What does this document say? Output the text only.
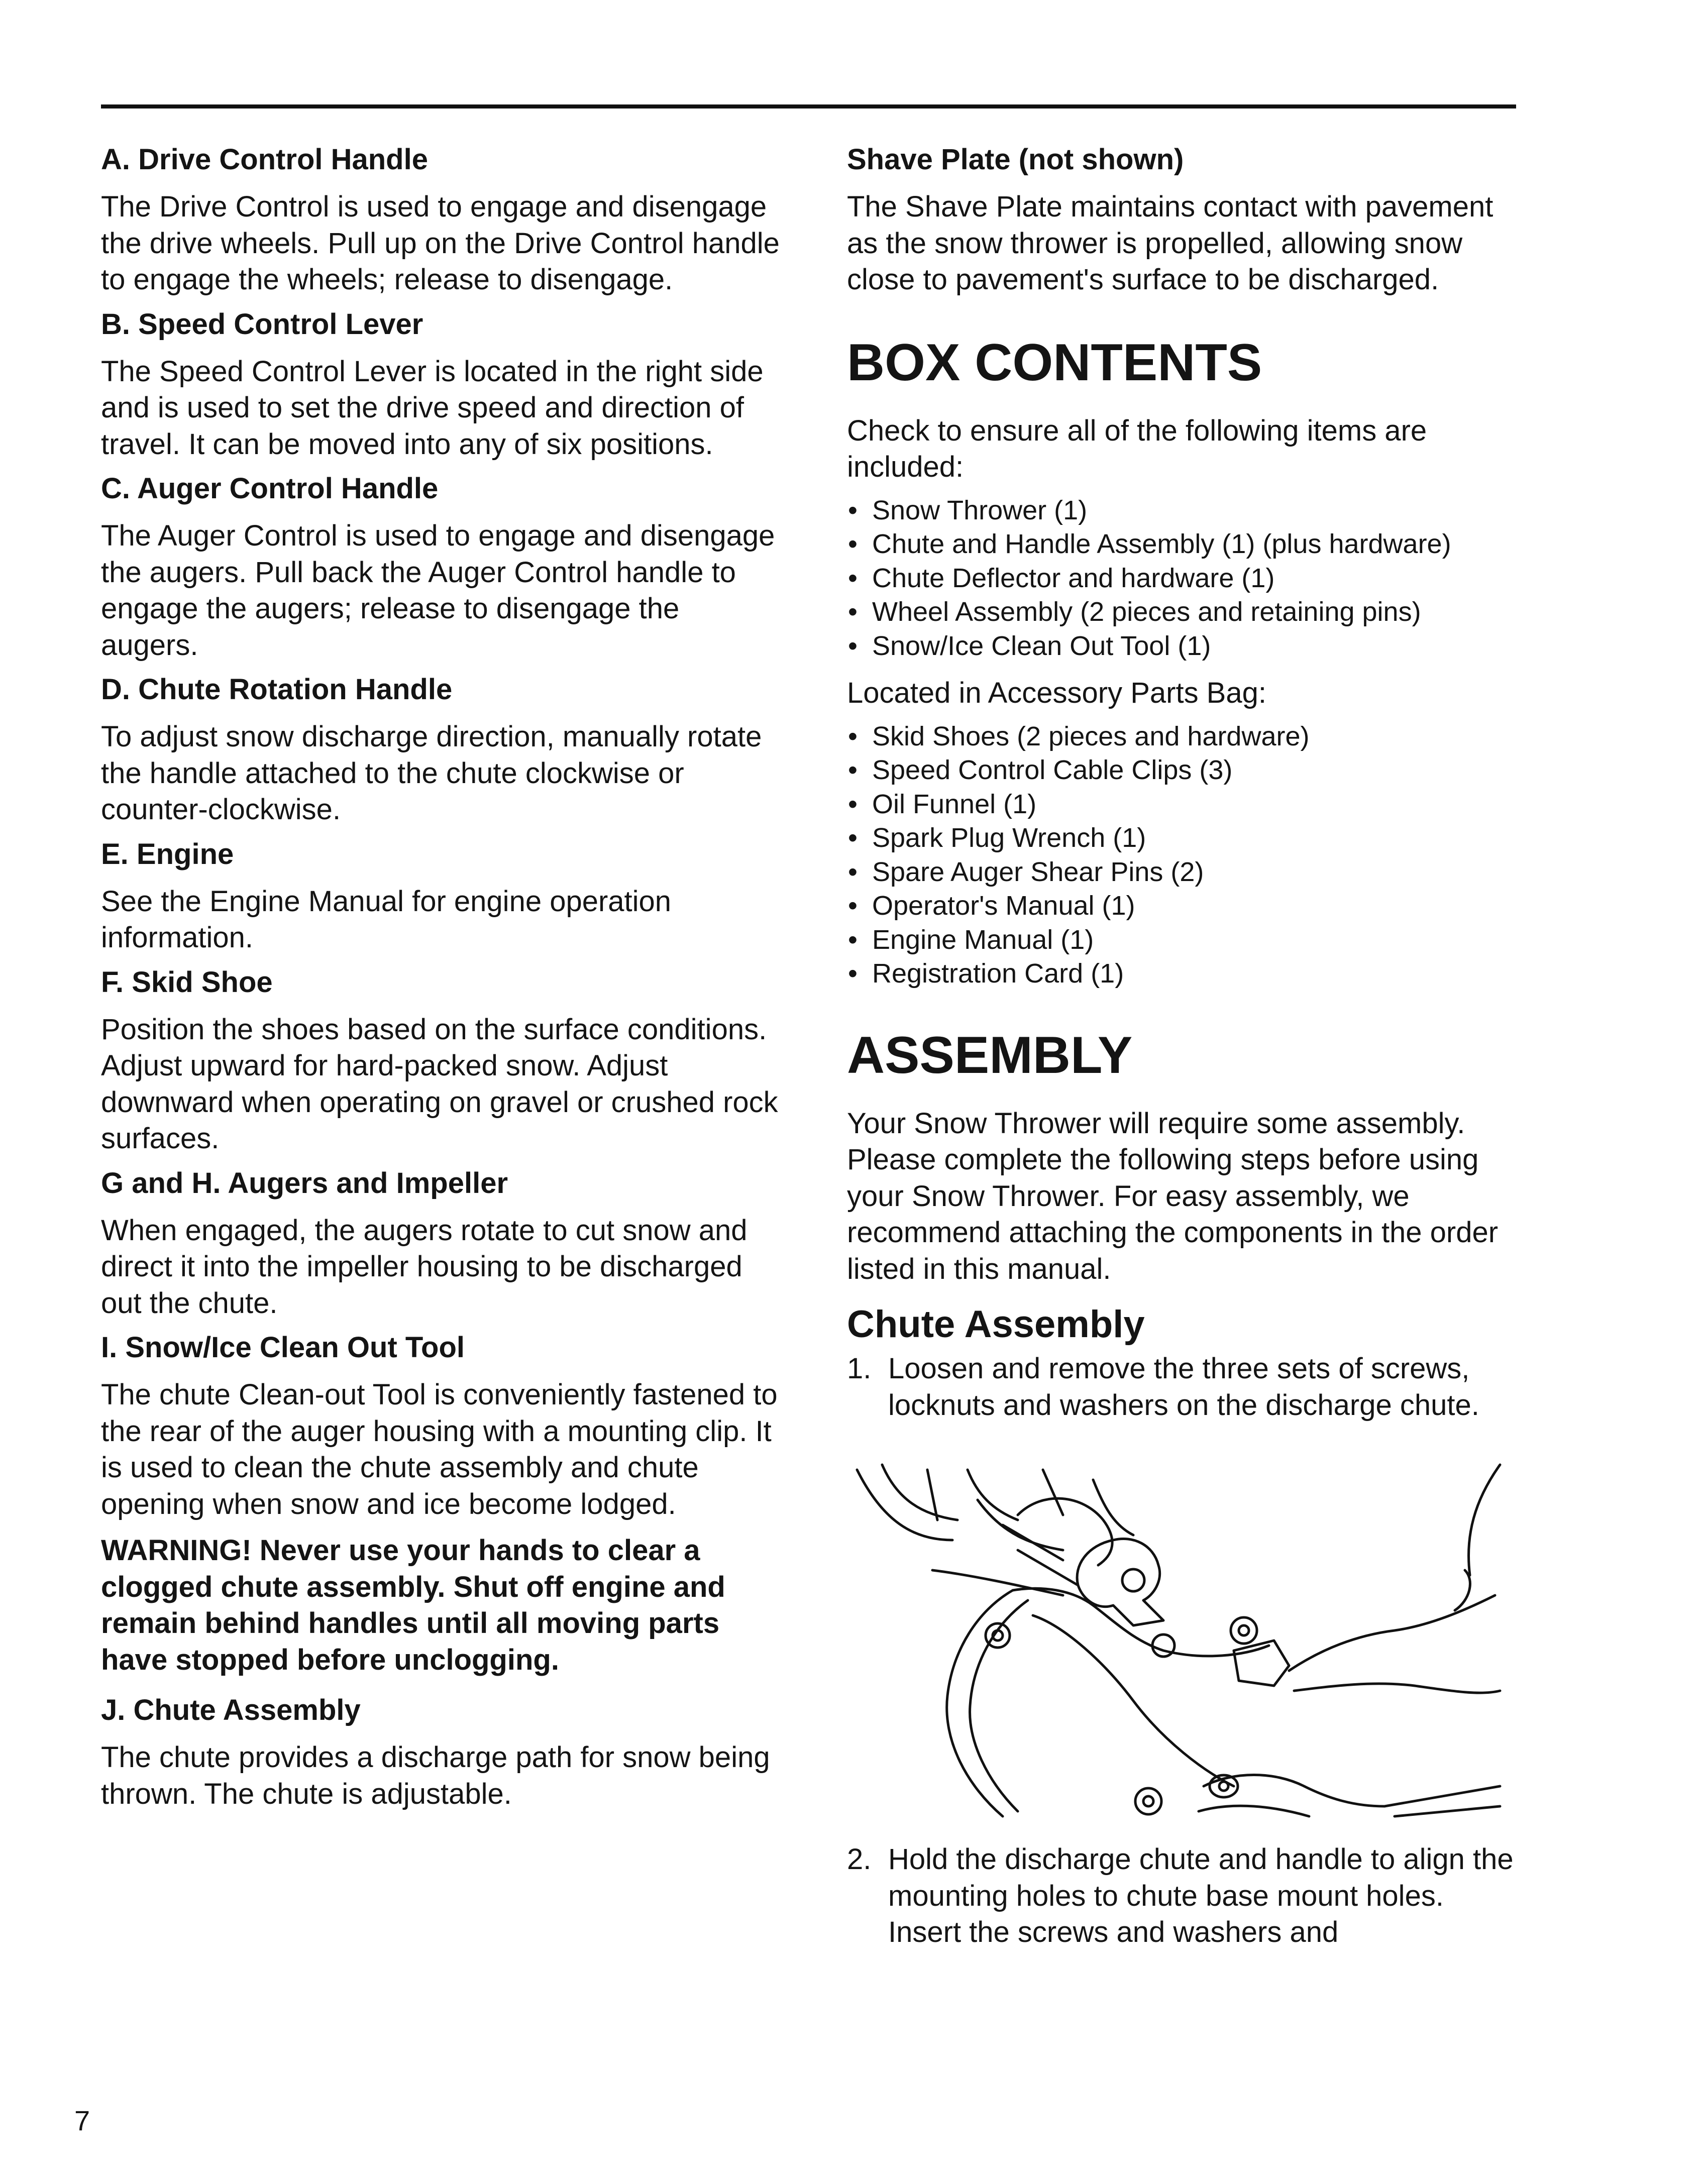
A. Drive Control Handle
The Drive Control is used to engage and disengage the drive wheels. Pull up on the Drive Control handle to engage the wheels; release to disengage.
B. Speed Control Lever
The Speed Control Lever is located in the right side and is used to set the drive speed and direction of travel. It can be moved into any of six positions.
C. Auger Control Handle
The Auger Control is used to engage and disengage the augers. Pull back the Auger Control handle to engage the augers; release to disengage the augers.
D. Chute Rotation Handle
To adjust snow discharge direction, manually rotate the handle attached to the chute clockwise or counter-clockwise.
E. Engine
See the Engine Manual for engine operation information.
F. Skid Shoe
Position the shoes based on the surface conditions. Adjust upward for hard-packed snow. Adjust downward when operating on gravel or crushed rock surfaces.
G and H. Augers and Impeller
When engaged, the augers rotate to cut snow and direct it into the impeller housing to be discharged out the chute.
I. Snow/Ice Clean Out Tool
The chute Clean-out Tool is conveniently fastened to the rear of the auger housing with a mounting clip. It is used to clean the chute assembly and chute opening when snow and ice become lodged.
WARNING! Never use your hands to clear a clogged chute assembly. Shut off engine and remain behind handles until all moving parts have stopped before unclogging.
J. Chute Assembly
The chute provides a discharge path for snow being thrown. The chute is adjustable.
Shave Plate (not shown)
The Shave Plate maintains contact with pavement as the snow thrower is propelled, allowing snow close to pavement's surface to be discharged.
BOX CONTENTS
Check to ensure all of the following items are included:
• Snow Thrower (1)
• Chute and Handle Assembly (1) (plus hardware)
• Chute Deflector and hardware (1)
• Wheel Assembly (2 pieces and retaining pins)
• Snow/Ice Clean Out Tool (1)
Located in Accessory Parts Bag:
• Skid Shoes (2 pieces and hardware)
• Speed Control Cable Clips (3)
• Oil Funnel (1)
• Spark Plug Wrench (1)
• Spare Auger Shear Pins (2)
• Operator's Manual (1)
• Engine Manual (1)
• Registration Card (1)
ASSEMBLY
Your Snow Thrower will require some assembly. Please complete the following steps before using your Snow Thrower. For easy assembly, we recommend attaching the components in the order listed in this manual.
Chute Assembly
1. Loosen and remove the three sets of screws, locknuts and washers on the discharge chute.
2. Hold the discharge chute and handle to align the mounting holes to chute base mount holes. Insert the screws and washers and
7
